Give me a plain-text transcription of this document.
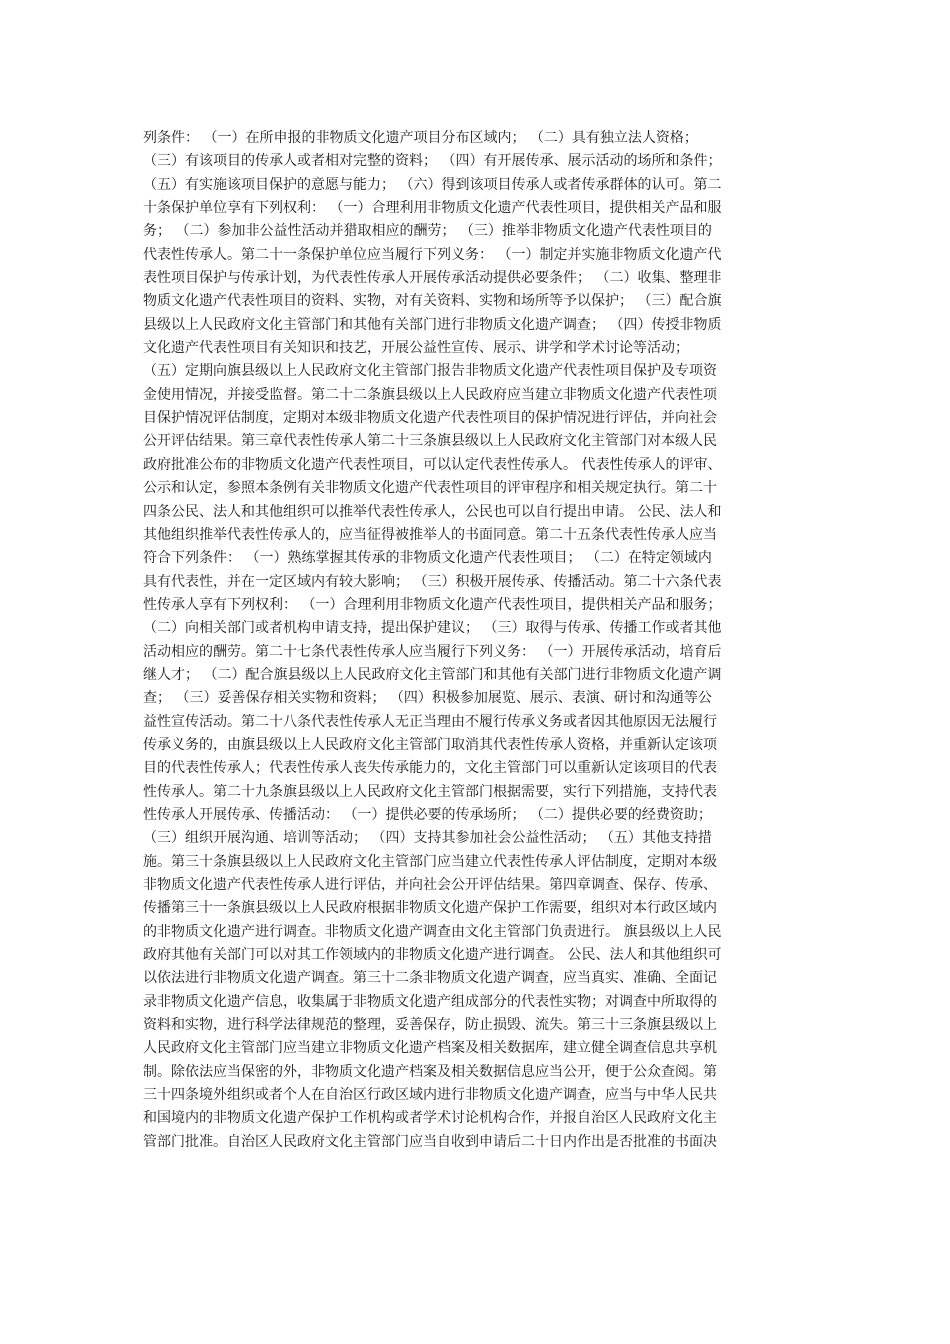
列条件： （一）在所申报的非物质文化遗产项目分布区域内； （二）具有独立法人资格；
（三）有该项目的传承人或者相对完整的资料； （四）有开展传承、展示活动的场所和条件；
（五）有实施该项目保护的意愿与能力； （六）得到该项目传承人或者传承群体的认可。第二
十条保护单位享有下列权利： （一）合理利用非物质文化遗产代表性项目，提供相关产品和服
务； （二）参加非公益性活动并猎取相应的酬劳； （三）推举非物质文化遗产代表性项目的
代表性传承人。第二十一条保护单位应当履行下列义务： （一）制定并实施非物质文化遗产代
表性项目保护与传承计划，为代表性传承人开展传承活动提供必要条件； （二）收集、整理非
物质文化遗产代表性项目的资料、实物，对有关资料、实物和场所等予以保护； （三）配合旗
县级以上人民政府文化主管部门和其他有关部门进行非物质文化遗产调查； （四）传授非物质
文化遗产代表性项目有关知识和技艺，开展公益性宣传、展示、讲学和学术讨论等活动；
（五）定期向旗县级以上人民政府文化主管部门报告非物质文化遗产代表性项目保护及专项资
金使用情况，并接受监督。第二十二条旗县级以上人民政府应当建立非物质文化遗产代表性项
目保护情况评估制度，定期对本级非物质文化遗产代表性项目的保护情况进行评估，并向社会
公开评估结果。第三章代表性传承人第二十三条旗县级以上人民政府文化主管部门对本级人民
政府批准公布的非物质文化遗产代表性项目，可以认定代表性传承人。 代表性传承人的评审、
公示和认定，参照本条例有关非物质文化遗产代表性项目的评审程序和相关规定执行。第二十
四条公民、法人和其他组织可以推举代表性传承人，公民也可以自行提出申请。 公民、法人和
其他组织推举代表性传承人的，应当征得被推举人的书面同意。第二十五条代表性传承人应当
符合下列条件： （一）熟练掌握其传承的非物质文化遗产代表性项目； （二）在特定领域内
具有代表性，并在一定区域内有较大影响； （三）积极开展传承、传播活动。第二十六条代表
性传承人享有下列权利： （一）合理利用非物质文化遗产代表性项目，提供相关产品和服务；
（二）向相关部门或者机构申请支持，提出保护建议； （三）取得与传承、传播工作或者其他
活动相应的酬劳。第二十七条代表性传承人应当履行下列义务： （一）开展传承活动，培育后
继人才； （二）配合旗县级以上人民政府文化主管部门和其他有关部门进行非物质文化遗产调
查； （三）妥善保存相关实物和资料； （四）积极参加展览、展示、表演、研讨和沟通等公
益性宣传活动。第二十八条代表性传承人无正当理由不履行传承义务或者因其他原因无法履行
传承义务的，由旗县级以上人民政府文化主管部门取消其代表性传承人资格，并重新认定该项
目的代表性传承人；代表性传承人丧失传承能力的，文化主管部门可以重新认定该项目的代表
性传承人。第二十九条旗县级以上人民政府文化主管部门根据需要，实行下列措施，支持代表
性传承人开展传承、传播活动： （一）提供必要的传承场所； （二）提供必要的经费资助；
（三）组织开展沟通、培训等活动； （四）支持其参加社会公益性活动； （五）其他支持措
施。第三十条旗县级以上人民政府文化主管部门应当建立代表性传承人评估制度，定期对本级
非物质文化遗产代表性传承人进行评估，并向社会公开评估结果。第四章调查、保存、传承、
传播第三十一条旗县级以上人民政府根据非物质文化遗产保护工作需要，组织对本行政区域内
的非物质文化遗产进行调查。非物质文化遗产调查由文化主管部门负责进行。 旗县级以上人民
政府其他有关部门可以对其工作领域内的非物质文化遗产进行调查。 公民、法人和其他组织可
以依法进行非物质文化遗产调查。第三十二条非物质文化遗产调查，应当真实、准确、全面记
录非物质文化遗产信息，收集属于非物质文化遗产组成部分的代表性实物；对调查中所取得的
资料和实物，进行科学法律规范的整理，妥善保存，防止损毁、流失。第三十三条旗县级以上
人民政府文化主管部门应当建立非物质文化遗产档案及相关数据库，建立健全调查信息共享机
制。除依法应当保密的外，非物质文化遗产档案及相关数据信息应当公开，便于公众查阅。第
三十四条境外组织或者个人在自治区行政区域内进行非物质文化遗产调查，应当与中华人民共
和国境内的非物质文化遗产保护工作机构或者学术讨论机构合作，并报自治区人民政府文化主
管部门批准。自治区人民政府文化主管部门应当自收到申请后二十日内作出是否批准的书面决
